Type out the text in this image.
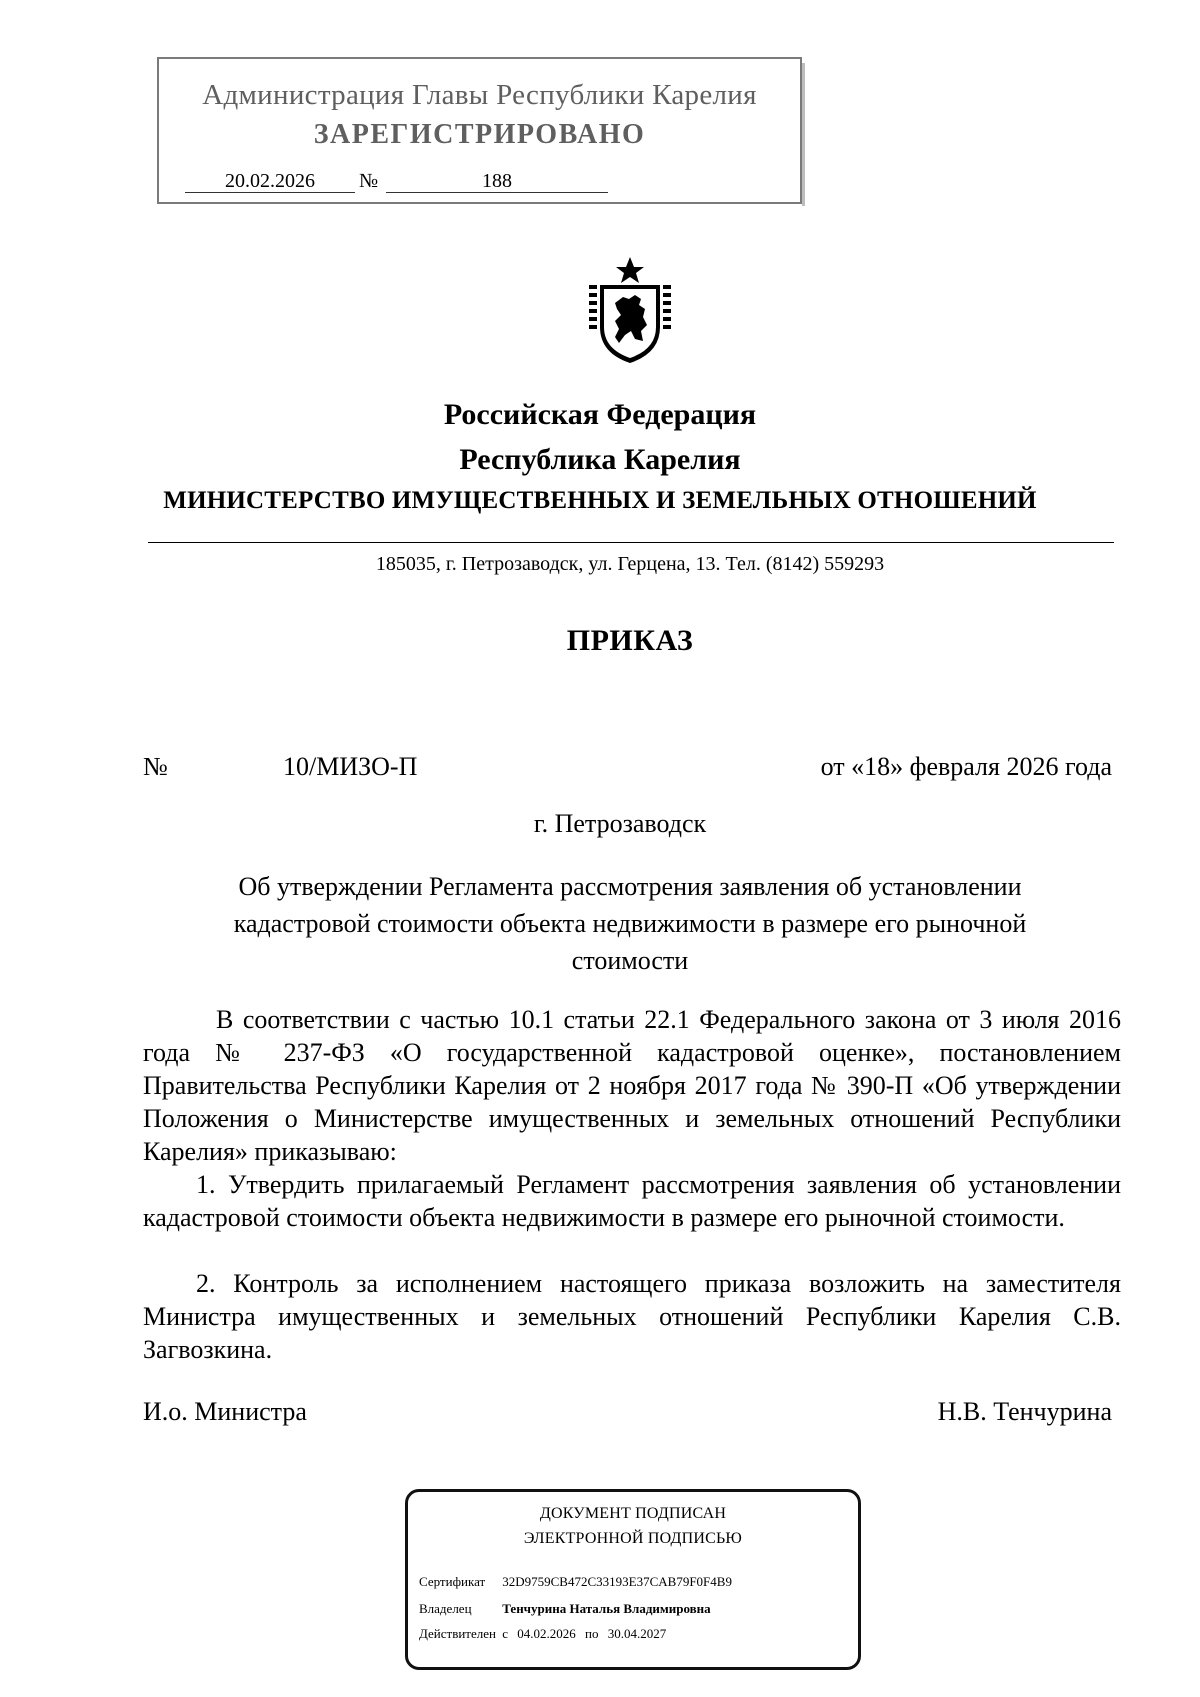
Администрация Главы Республики Карелия
ЗАРЕГИСТРИРОВАНО
20.02.2026	№	188
Российская Федерация
Республика Карелия
МИНИСТЕРСТВО ИМУЩЕСТВЕННЫХ И ЗЕМЕЛЬНЫХ ОТНОШЕНИЙ
185035, г. Петрозаводск, ул. Герцена, 13. Тел. (8142) 559293
ПРИКАЗ
№	10/МИЗО-П	от «18» февраля 2026 года
г. Петрозаводск
Об утверждении Регламента рассмотрения заявления об установлении кадастровой стоимости объекта недвижимости в размере его рыночной стоимости

В соответствии с частью 10.1 статьи 22.1 Федерального закона от 3 июля 2016 года № 237-ФЗ «О государственной кадастровой оценке», постановлением Правительства Республики Карелия от 2 ноября 2017 года № 390-П «Об утверждении Положения о Министерстве имущественных и земельных отношений Республики Карелия» приказываю:

1. Утвердить прилагаемый Регламент рассмотрения заявления об установлении кадастровой стоимости объекта недвижимости в размере его рыночной стоимости.

2. Контроль за исполнением настоящего приказа возложить на заместителя Министра имущественных и земельных отношений Республики Карелия С.В. Загвозкина.

И.о. Министра	Н.В. Тенчурина
ДОКУМЕНТ ПОДПИСАН
ЭЛЕКТРОННОЙ ПОДПИСЬЮ
Сертификат 32D9759CB472C33193E37CAB79F0F4B9
Владелец Тенчурина Наталья Владимировна
Действителен с 04.02.2026 по 30.04.2027
